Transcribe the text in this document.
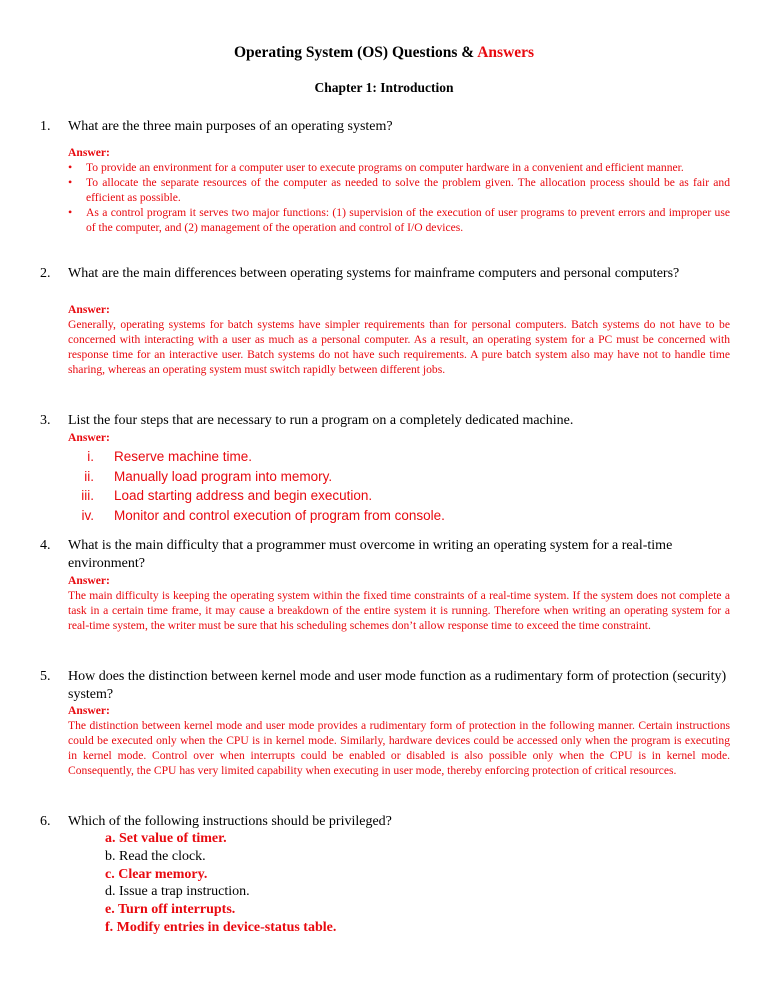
Operating System (OS) Questions & Answers
Chapter 1: Introduction
1. What are the three main purposes of an operating system?
Answer:
• To provide an environment for a computer user to execute programs on computer hardware in a convenient and efficient manner.
• To allocate the separate resources of the computer as needed to solve the problem given. The allocation process should be as fair and efficient as possible.
• As a control program it serves two major functions: (1) supervision of the execution of user programs to prevent errors and improper use of the computer, and (2) management of the operation and control of I/O devices.
2. What are the main differences between operating systems for mainframe computers and personal computers?
Answer:

Generally, operating systems for batch systems have simpler requirements than for personal computers. Batch systems do not have to be concerned with interacting with a user as much as a personal computer. As a result, an operating system for a PC must be concerned with response time for an interactive user. Batch systems do not have such requirements. A pure batch system also may have not to handle time sharing, whereas an operating system must switch rapidly between different jobs.

3. List the four steps that are necessary to run a program on a completely dedicated machine.
Answer:
i. Reserve machine time.
ii. Manually load program into memory.
iii. Load starting address and begin execution.
iv. Monitor and control execution of program from console.
4. What is the main difficulty that a programmer must overcome in writing an operating system for a real-time environment?
Answer:

The main difficulty is keeping the operating system within the fixed time constraints of a real-time system. If the system does not complete a task in a certain time frame, it may cause a breakdown of the entire system it is running. Therefore when writing an operating system for a real-time system, the writer must be sure that his scheduling schemes don’t allow response time to exceed the time constraint.

5. How does the distinction between kernel mode and user mode function as a rudimentary form of protection (security) system?
Answer:

The distinction between kernel mode and user mode provides a rudimentary form of protection in the following manner. Certain instructions could be executed only when the CPU is in kernel mode. Similarly, hardware devices could be accessed only when the program is executing in kernel mode. Control over when interrupts could be enabled or disabled is also possible only when the CPU is in kernel mode. Consequently, the CPU has very limited capability when executing in user mode, thereby enforcing protection of critical resources.

6. Which of the following instructions should be privileged?
a. Set value of timer.
b. Read the clock.
c. Clear memory.
d. Issue a trap instruction.
e. Turn off interrupts.
f. Modify entries in device-status table.
